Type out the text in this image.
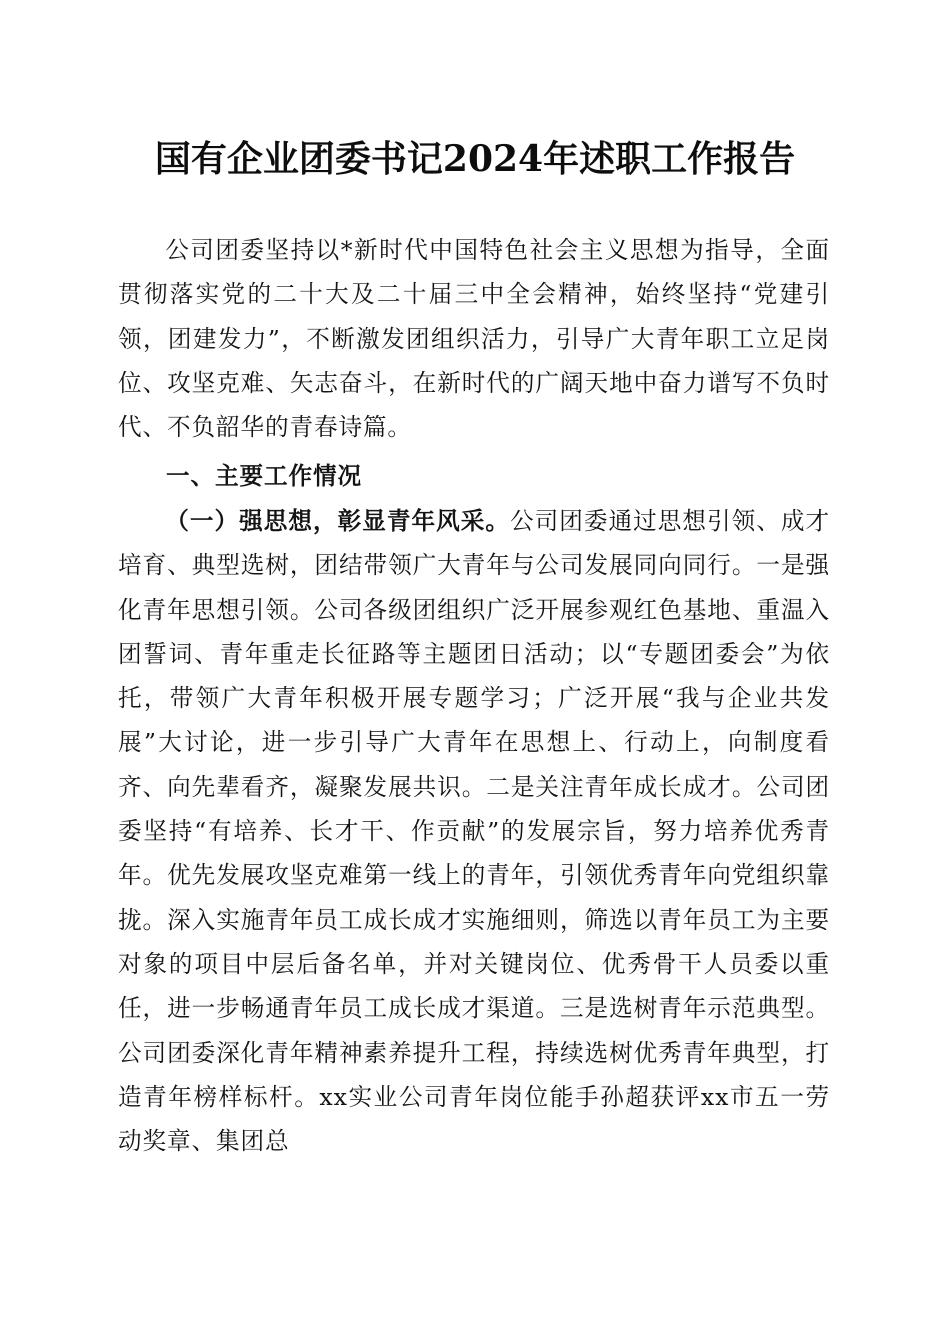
国有企业团委书记2024年述职工作报告

公司团委坚持以*新时代中国特色社会主义思想为指导，全面贯彻落实党的二十大及二十届三中全会精神，始终坚持“党建引领，团建发力”，不断激发团组织活力，引导广大青年职工立足岗位、攻坚克难、矢志奋斗，在新时代的广阔天地中奋力谱写不负时代、不负韶华的青春诗篇。

一、主要工作情况

（一）强思想，彰显青年风采。公司团委通过思想引领、成才培育、典型选树，团结带领广大青年与公司发展同向同行。一是强化青年思想引领。公司各级团组织广泛开展参观红色基地、重温入团誓词、青年重走长征路等主题团日活动；以“专题团委会”为依托，带领广大青年积极开展专题学习；广泛开展“我与企业共发展”大讨论，进一步引导广大青年在思想上、行动上，向制度看齐、向先辈看齐，凝聚发展共识。二是关注青年成长成才。公司团委坚持“有培养、长才干、作贡献”的发展宗旨，努力培养优秀青年。优先发展攻坚克难第一线上的青年，引领优秀青年向党组织靠拢。深入实施青年员工成长成才实施细则，筛选以青年员工为主要对象的项目中层后备名单，并对关键岗位、优秀骨干人员委以重任，进一步畅通青年员工成长成才渠道。三是选树青年示范典型。公司团委深化青年精神素养提升工程，持续选树优秀青年典型，打造青年榜样标杆。xx实业公司青年岗位能手孙超获评xx市五一劳动奖章、集团总
